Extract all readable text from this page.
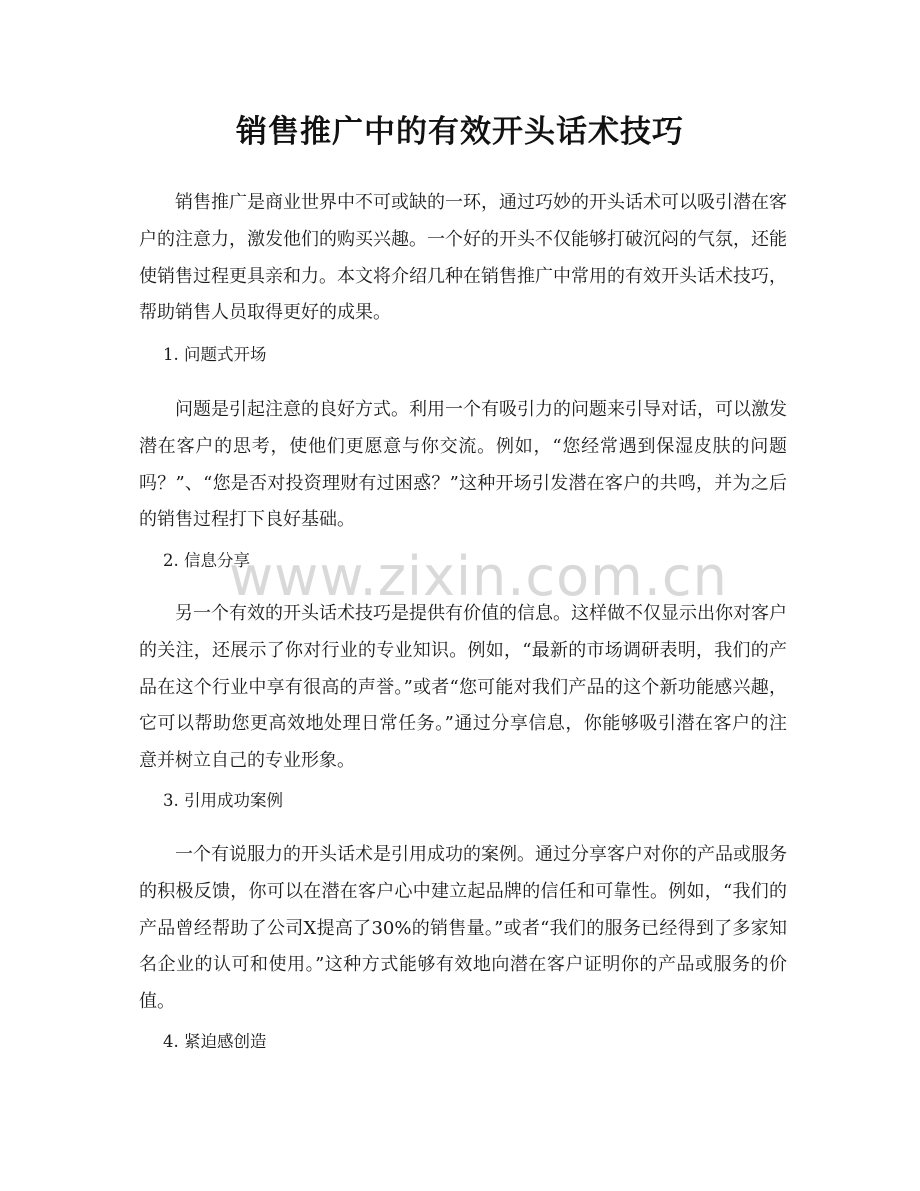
销售推广中的有效开头话术技巧

销售推广是商业世界中不可或缺的一环，通过巧妙的开头话术可以吸引潜在客户的注意力，激发他们的购买兴趣。一个好的开头不仅能够打破沉闷的气氛，还能使销售过程更具亲和力。本文将介绍几种在销售推广中常用的有效开头话术技巧，帮助销售人员取得更好的成果。

1. 问题式开场

问题是引起注意的良好方式。利用一个有吸引力的问题来引导对话，可以激发潜在客户的思考，使他们更愿意与你交流。例如，“您经常遇到保湿皮肤的问题吗？”、“您是否对投资理财有过困惑？”这种开场引发潜在客户的共鸣，并为之后的销售过程打下良好基础。

2. 信息分享

另一个有效的开头话术技巧是提供有价值的信息。这样做不仅显示出你对客户的关注，还展示了你对行业的专业知识。例如，“最新的市场调研表明，我们的产品在这个行业中享有很高的声誉。”或者“您可能对我们产品的这个新功能感兴趣，它可以帮助您更高效地处理日常任务。”通过分享信息，你能够吸引潜在客户的注意并树立自己的专业形象。

3. 引用成功案例

一个有说服力的开头话术是引用成功的案例。通过分享客户对你的产品或服务的积极反馈，你可以在潜在客户心中建立起品牌的信任和可靠性。例如，“我们的产品曾经帮助了公司X提高了30%的销售量。”或者“我们的服务已经得到了多家知名企业的认可和使用。”这种方式能够有效地向潜在客户证明你的产品或服务的价值。

4. 紧迫感创造

www.zixin.com.cn
